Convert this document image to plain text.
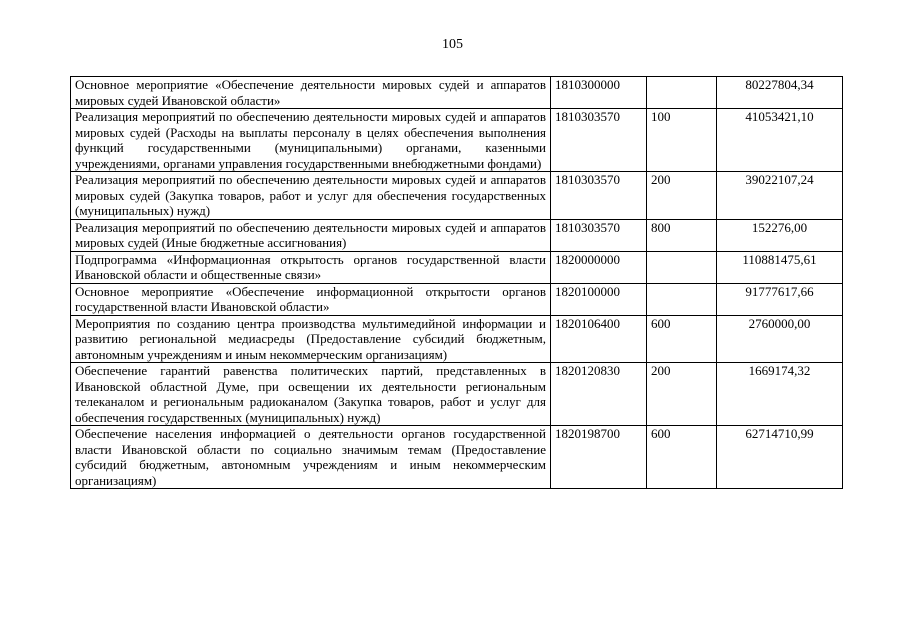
105
Основное мероприятие «Обеспечение деятельности мировых судей и аппаратов мировых судей Ивановской области»	1810300000		80227804,34
Реализация мероприятий по обеспечению деятельности мировых судей и аппаратов мировых судей (Расходы на выплаты персоналу в целях обеспечения выполнения функций государственными (муниципальными) органами, казенными учреждениями, органами управления государственными внебюджетными фондами)	1810303570	100	41053421,10
Реализация мероприятий по обеспечению деятельности мировых судей и аппаратов мировых судей (Закупка товаров, работ и услуг для обеспечения государственных (муниципальных) нужд)	1810303570	200	39022107,24
Реализация мероприятий по обеспечению деятельности мировых судей и аппаратов мировых судей (Иные бюджетные ассигнования)	1810303570	800	152276,00
Подпрограмма «Информационная открытость органов государственной власти Ивановской области и общественные связи»	1820000000		110881475,61
Основное мероприятие «Обеспечение информационной открытости органов государственной власти Ивановской области»	1820100000		91777617,66
Мероприятия по созданию центра производства мультимедийной информации и развитию региональной медиасреды (Предоставление субсидий бюджетным, автономным учреждениям и иным некоммерческим организациям)	1820106400	600	2760000,00
Обеспечение гарантий равенства политических партий, представленных в Ивановской областной Думе, при освещении их деятельности региональным телеканалом и региональным радиоканалом (Закупка товаров, работ и услуг для обеспечения государственных (муниципальных) нужд)	1820120830	200	1669174,32
Обеспечение населения информацией о деятельности органов государственной власти Ивановской области по социально значимым темам (Предоставление субсидий бюджетным, автономным учреждениям и иным некоммерческим организациям)	1820198700	600	62714710,99
